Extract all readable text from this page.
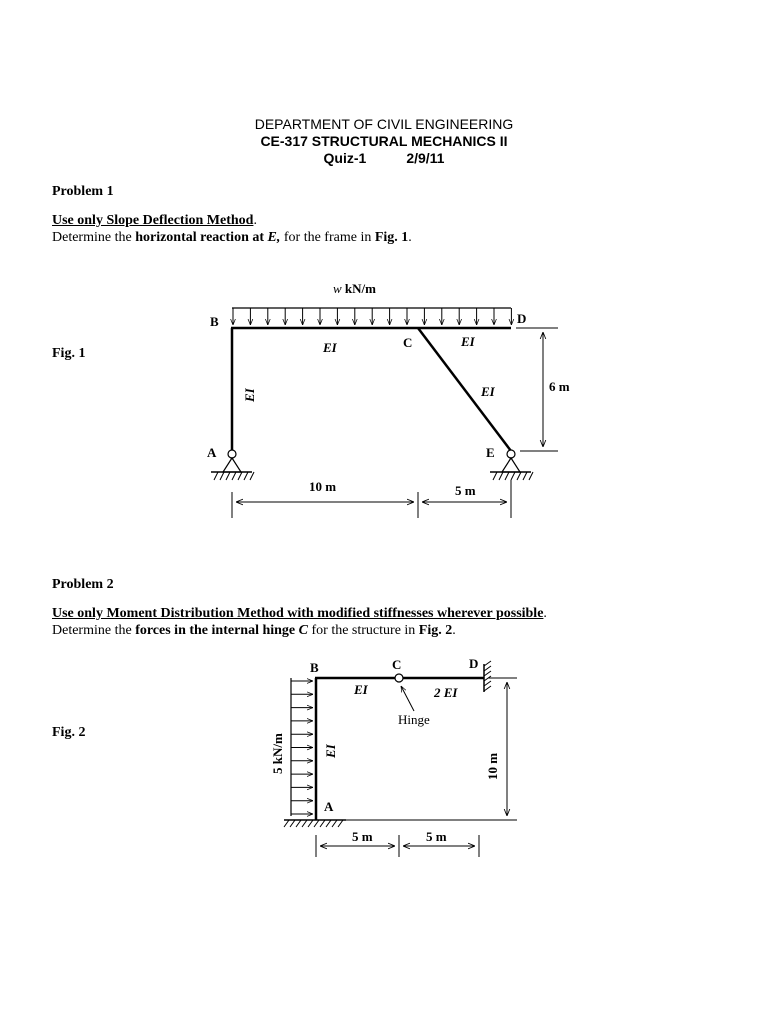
DEPARTMENT OF CIVIL ENGINEERING
CE-317 STRUCTURAL MECHANICS II
Quiz-1	2/9/11
Problem 1
Use only Slope Deflection Method.
Determine the horizontal reaction at E, for the frame in Fig. 1.
Fig. 1
Problem 2
Use only Moment Distribution Method with modified stiffnesses wherever possible.
Determine the forces in the internal hinge C for the structure in Fig. 2.
Fig. 2
w kN/m
B
C
D
A	E
EI	EI
EI
EI
6 m
10 m	5 m
B	C	D
A
EI	2 EI
EI
Hinge
5 kN/m	10 m
5 m	5 m
